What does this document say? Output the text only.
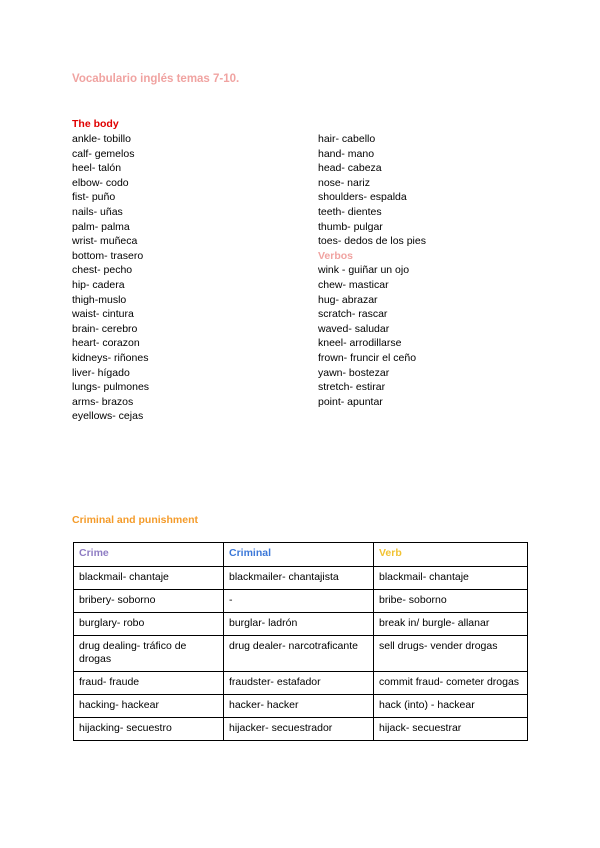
Vocabulario inglés temas 7-10.
The body
ankle- tobillo
calf- gemelos
heel- talón
elbow- codo
fist- puño
nails- uñas
palm- palma
wrist- muñeca
bottom- trasero
chest- pecho
hip- cadera
thigh-muslo
waist- cintura
brain- cerebro
heart- corazon
kidneys- riñones
liver- hígado
lungs- pulmones
arms- brazos
eyellows- cejas
hair- cabello
hand- mano
head- cabeza
nose- nariz
shoulders- espalda
teeth- dientes
thumb- pulgar
toes- dedos de los pies
Verbos
wink - guiñar un ojo
chew- masticar
hug- abrazar
scratch- rascar
waved- saludar
kneel- arrodillarse
frown- fruncir el ceño
yawn- bostezar
stretch- estirar
point- apuntar
Criminal and punishment
Crime	Criminal	Verb
blackmail- chantaje	blackmailer- chantajista	blackmail- chantaje
bribery- soborno	-	bribe- soborno
burglary- robo	burglar- ladrón	break in/ burgle- allanar
drug dealing- tráfico de drogas	drug dealer- narcotraficante	sell drugs- vender drogas
fraud- fraude	fraudster- estafador	commit fraud- cometer drogas
hacking- hackear	hacker- hacker	hack (into) - hackear
hijacking- secuestro	hijacker- secuestrador	hijack- secuestrar
